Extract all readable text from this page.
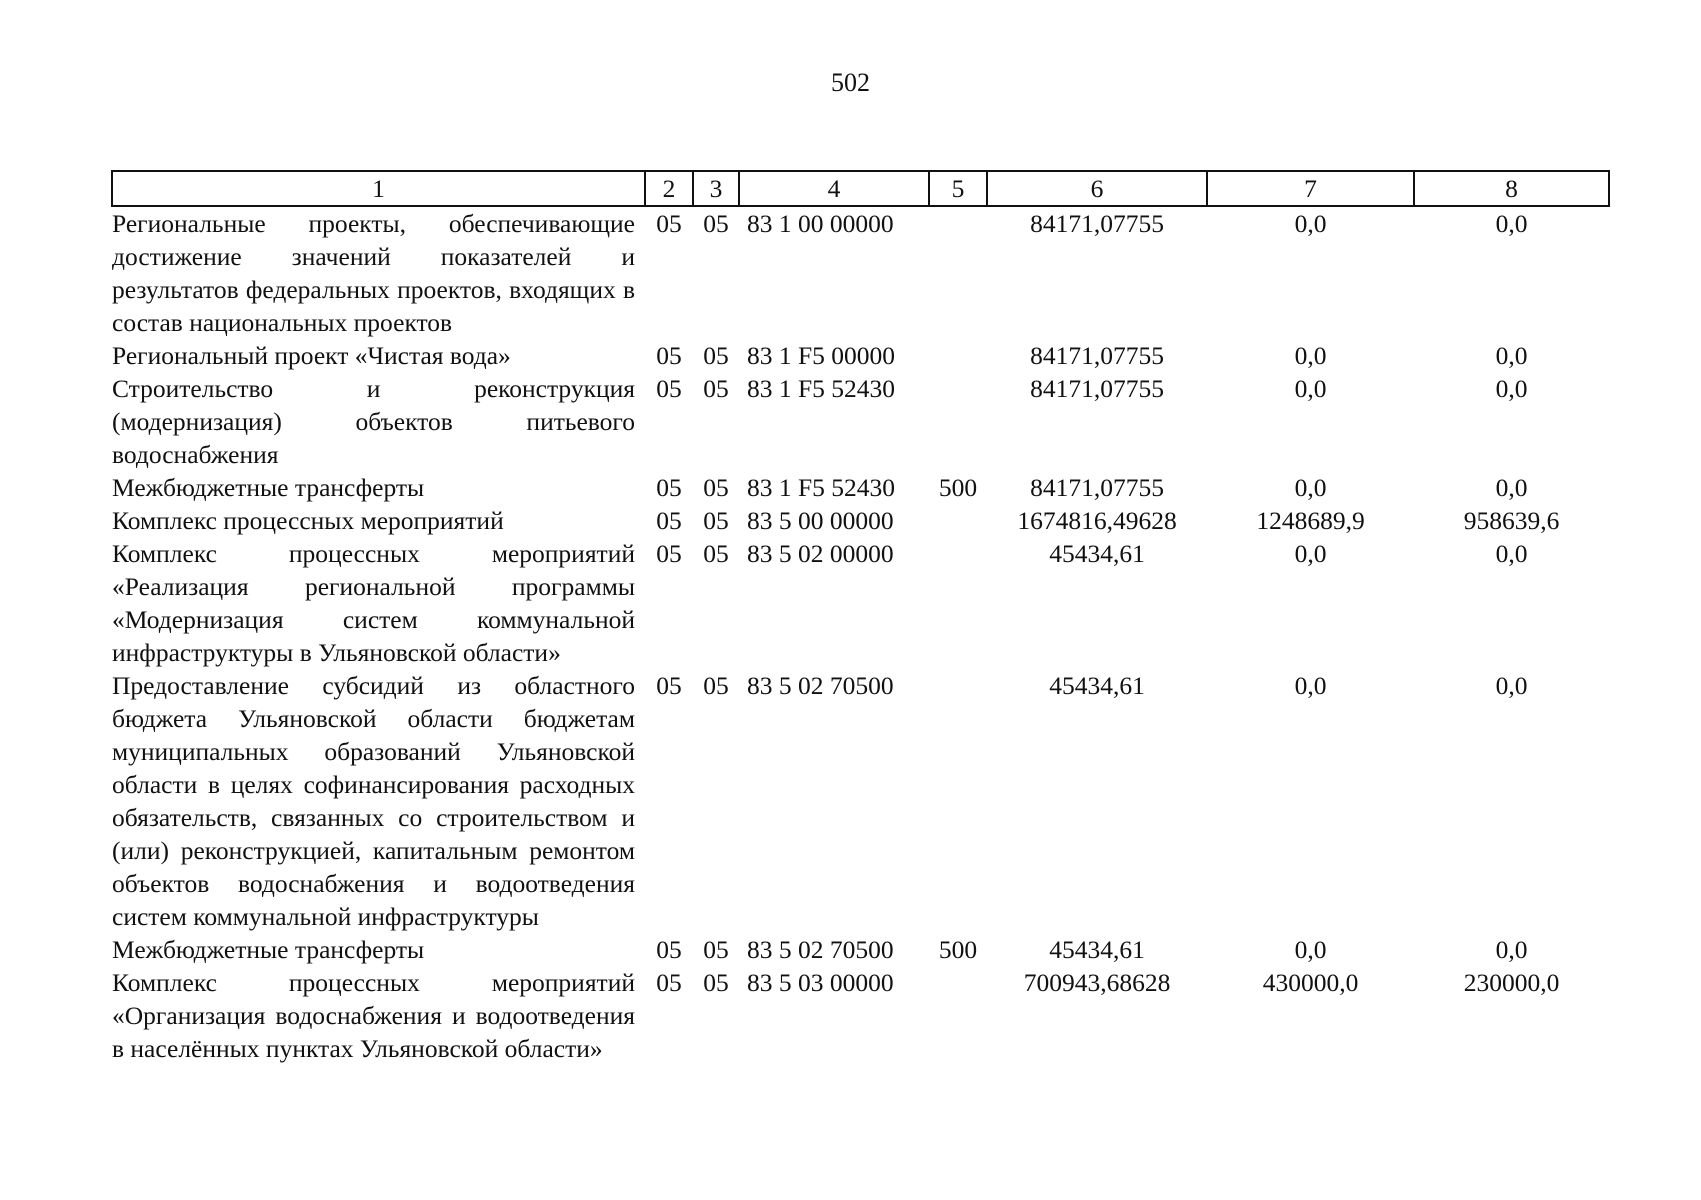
502
1	2	3	4	5	6	7	8
Региональные проекты, обеспечивающие достижение значений показателей и результатов федеральных проектов, входящих в состав национальных проектов	05	05	83 1 00 00000		84171,07755	0,0	0,0
Региональный проект «Чистая вода»	05	05	83 1 F5 00000		84171,07755	0,0	0,0
Строительство и реконструкция (модернизация) объектов питьевого водоснабжения	05	05	83 1 F5 52430		84171,07755	0,0	0,0
Межбюджетные трансферты	05	05	83 1 F5 52430	500	84171,07755	0,0	0,0
Комплекс процессных мероприятий	05	05	83 5 00 00000		1674816,49628	1248689,9	958639,6
Комплекс процессных мероприятий «Реализация региональной программы «Модернизация систем коммунальной инфраструктуры в Ульяновской области»	05	05	83 5 02 00000		45434,61	0,0	0,0
Предоставление субсидий из областного бюджета Ульяновской области бюджетам муниципальных образований Ульяновской области в целях софинансирования расходных обязательств, связанных со строительством и (или) реконструкцией, капитальным ремонтом объектов водоснабжения и водоотведения систем коммунальной инфраструктуры	05	05	83 5 02 70500		45434,61	0,0	0,0
Межбюджетные трансферты	05	05	83 5 02 70500	500	45434,61	0,0	0,0
Комплекс процессных мероприятий «Организация водоснабжения и водоотведения в населённых пунктах Ульяновской области»	05	05	83 5 03 00000		700943,68628	430000,0	230000,0
